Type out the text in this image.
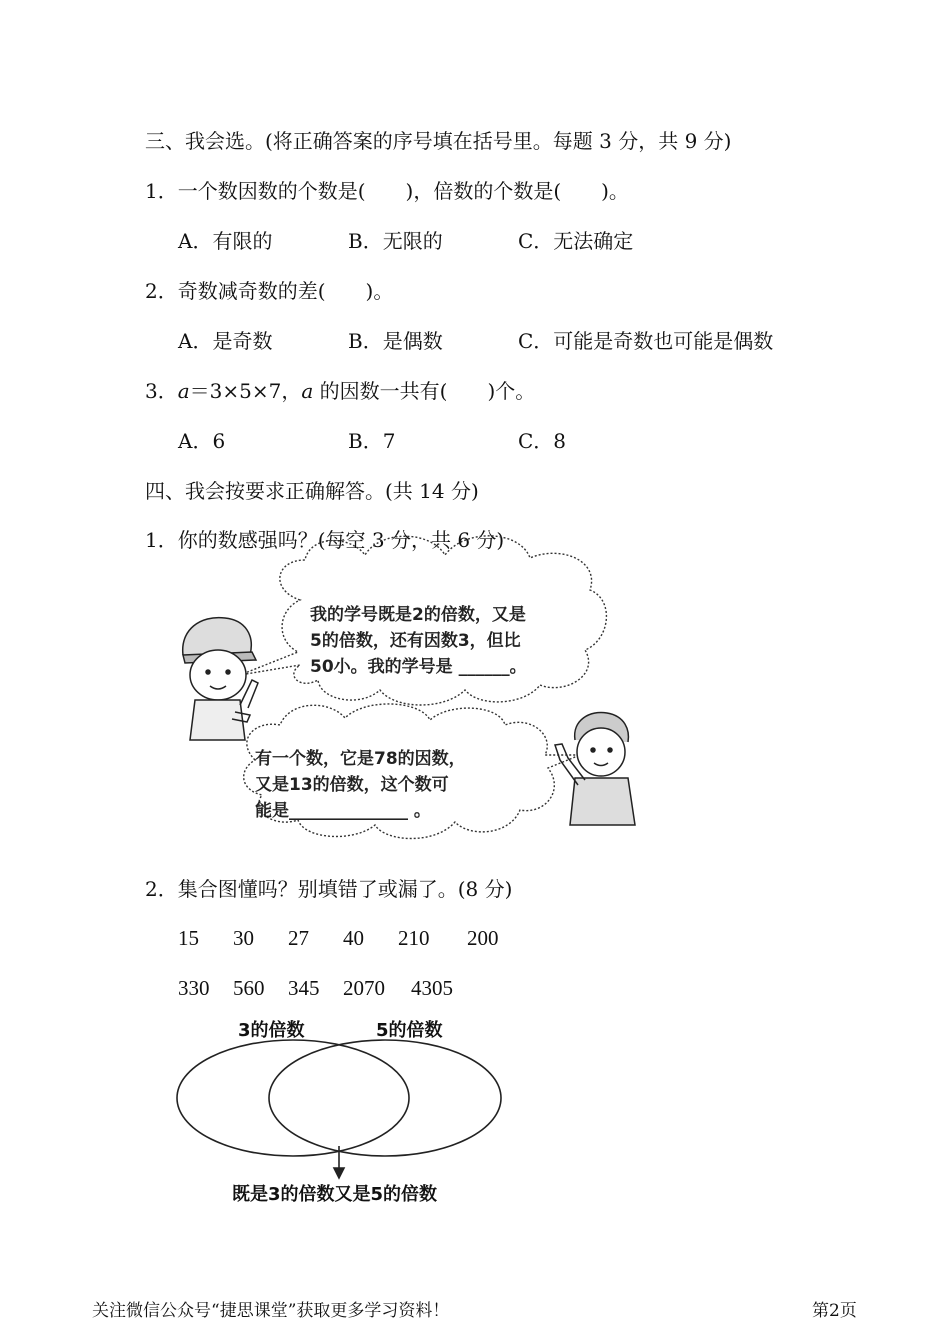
三、我会选。(将正确答案的序号填在括号里。每题 3 分，共 9 分)
1．一个数因数的个数是(　　)，倍数的个数是(　　)。
A．有限的	B．无限的	C．无法确定
2．奇数减奇数的差(　　)。
A．是奇数	B．是偶数	C．可能是奇数也可能是偶数
3．a＝3×5×7，a 的因数一共有(　　)个。
A．6	B．7	C．8
四、我会按要求正确解答。(共 14 分)
1．你的数感强吗？(每空 3 分，共 6 分)
我的学号既是2的倍数，又是
5的倍数，还有因数3，但比
50小。我的学号是 ______。
有一个数，它是78的因数，
又是13的倍数，这个数可
能是______________ 。
2．集合图懂吗？别填错了或漏了。(8 分)
15 30 27 40 210 200
330 560 345 2070 4305
3的倍数	5的倍数
既是3的倍数又是5的倍数
关注微信公众号“捷思课堂”获取更多学习资料！	第2页
